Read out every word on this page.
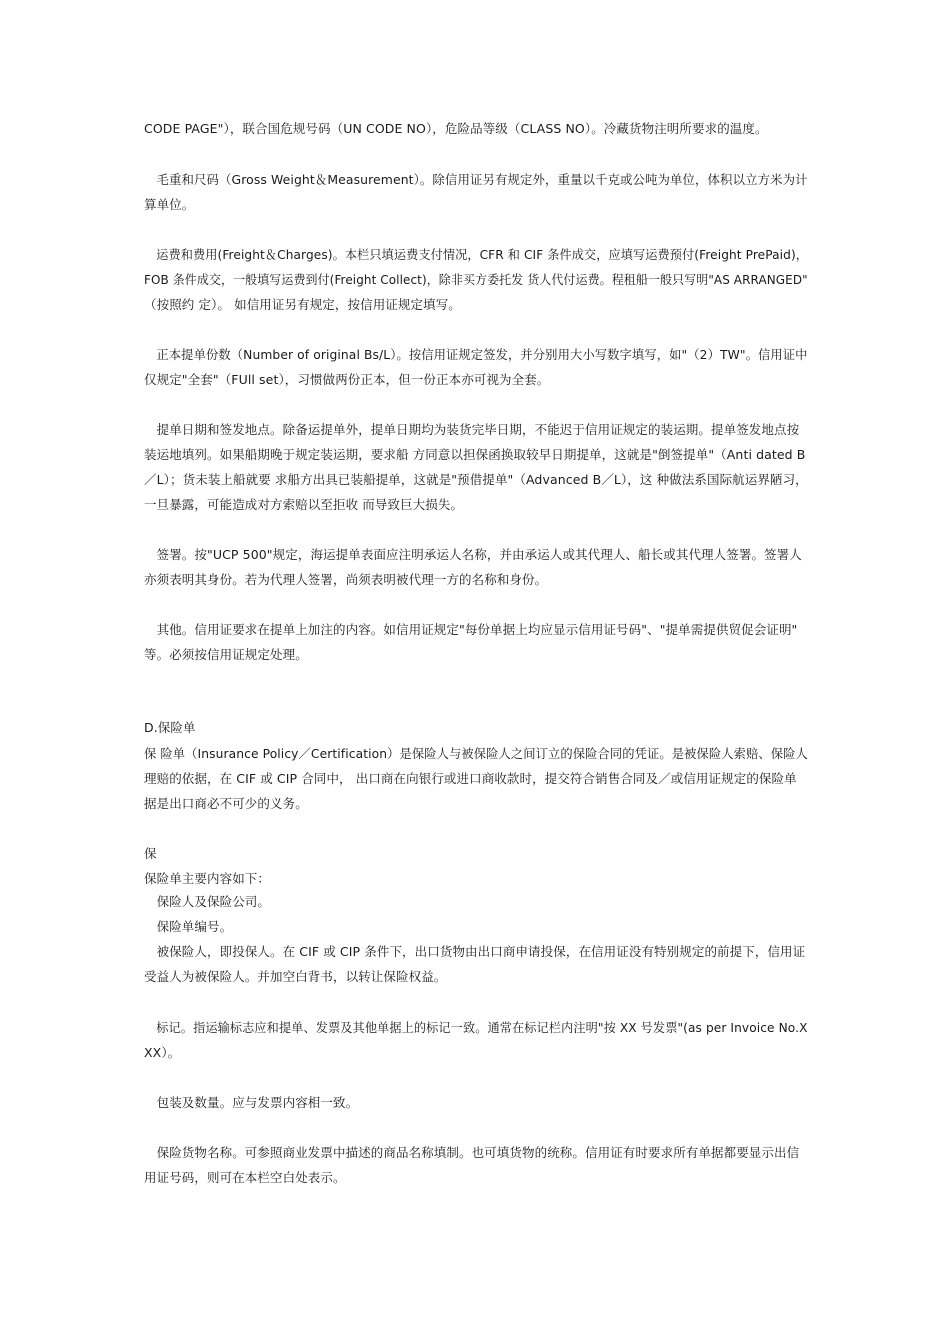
CODE PAGE"），联合国危规号码（UN CODE NO），危险品等级（CLASS NO）。冷藏货物注明所要求的温度。
　毛重和尺码（Gross Weight＆Measurement）。除信用证另有规定外，重量以千克或公吨为单位，体积以立方米为计
算单位。
　运费和费用(Freight＆Charges)。本栏只填运费支付情况，CFR 和 CIF 条件成交，应填写运费预付(Freight PrePaid)，
FOB 条件成交，一般填写运费到付(Freight Collect)，除非买方委托发 货人代付运费。程租船一般只写明"AS ARRANGED"
（按照约 定）。 如信用证另有规定，按信用证规定填写。
　正本提单份数（Number of original Bs/L）。按信用证规定签发，并分别用大小写数字填写，如"（2）TW"。信用证中
仅规定"全套"（FUll set），习惯做两份正本，但一份正本亦可视为全套。
　提单日期和签发地点。除备运提单外，提单日期均为装货完毕日期，不能迟于信用证规定的装运期。提单签发地点按
装运地填列。如果船期晚于规定装运期，要求船 方同意以担保函换取较早日期提单，这就是"倒签提单"（Anti dated B
／L）；货未装上船就要 求船方出具已装船提单，这就是"预借提单"（Advanced B／L），这 种做法系国际航运界陋习，
一旦暴露，可能造成对方索赔以至拒收 而导致巨大损失。
　签署。按"UCP 500"规定，海运提单表面应注明承运人名称，并由承运人或其代理人、船长或其代理人签署。签署人
亦须表明其身份。若为代理人签署，尚须表明被代理一方的名称和身份。
　其他。信用证要求在提单上加注的内容。如信用证规定"每份单据上均应显示信用证号码"、"提单需提供贸促会证明"
等。必须按信用证规定处理。
D.保险单
保 险单（Insurance Policy／Certification）是保险人与被保险人之间订立的保险合同的凭证。是被保险人索赔、保险人
理赔的依据，在 CIF 或 CIP 合同中， 出口商在向银行或进口商收款时，提交符合销售合同及／或信用证规定的保险单
据是出口商必不可少的义务。
保
保险单主要内容如下：
　保险人及保险公司。
　保险单编号。
　被保险人，即投保人。在 CIF 或 CIP 条件下，出口货物由出口商申请投保，在信用证没有特别规定的前提下，信用证
受益人为被保险人。并加空白背书，以转让保险权益。
　标记。指运输标志应和提单、发票及其他单据上的标记一致。通常在标记栏内注明"按 XX 号发票"(as per Invoice No.X
XX）。
　包装及数量。应与发票内容相一致。
　保险货物名称。可参照商业发票中描述的商品名称填制。也可填货物的统称。信用证有时要求所有单据都要显示出信
用证号码，则可在本栏空白处表示。
